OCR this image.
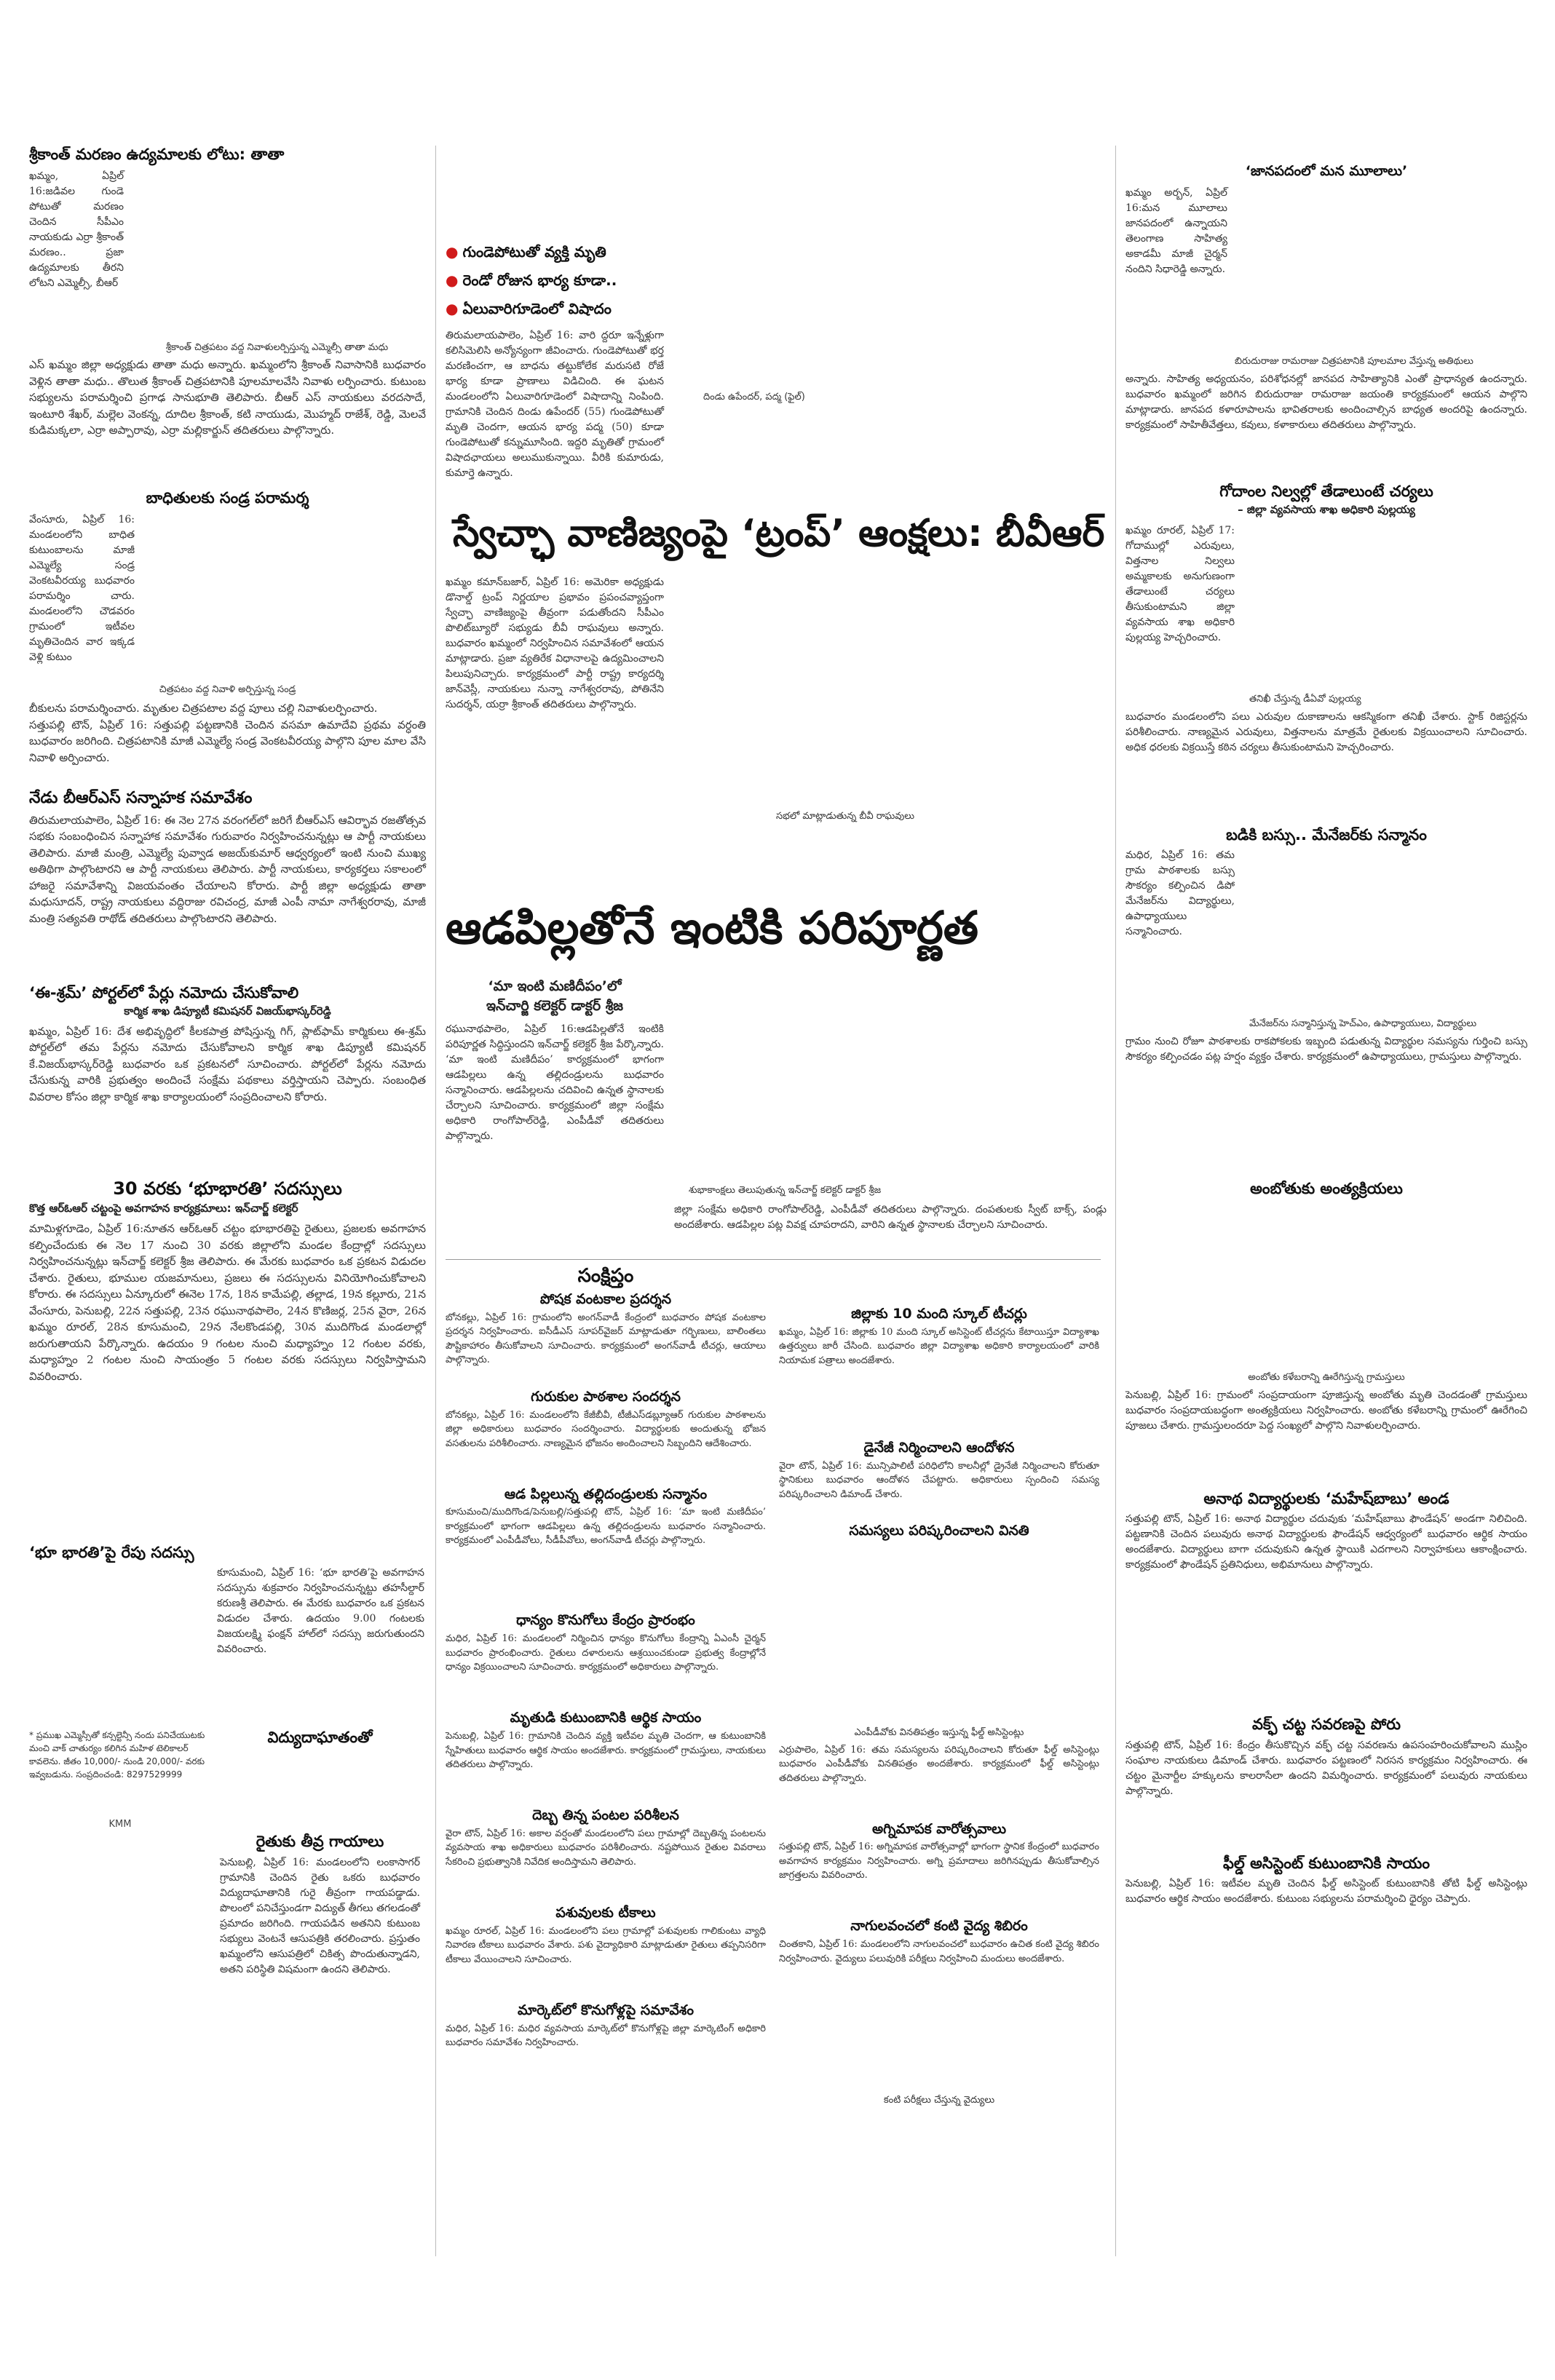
శ్రీకాంత్ మరణం ఉద్యమాలకు లోటు: తాతా
ఖమ్మం, ఏప్రిల్ 16:జడివల గుండె పోటుతో మరణం చెందిన సీపీఎం నాయకుడు ఎర్రా శ్రీకాంత్ మరణం.. ప్రజా ఉద్యమాలకు తీరని లోటని ఎమ్మెల్సీ, బీఆర్
శ్రీకాంత్ చిత్రపటం వద్ద నివాళులర్పిస్తున్న ఎమ్మెల్సీ తాతా మధు
ఎస్ ఖమ్మం జిల్లా అధ్యక్షుడు తాతా మధు అన్నారు. ఖమ్మంలోని శ్రీకాంత్ నివాసానికి బుధవారం వెళ్లిన తాతా మధు.. తొలుత శ్రీకాంత్ చిత్రపటానికి పూలమాలవేసి నివాళు లర్పించారు. కుటుంబ సభ్యులను పరామర్శించి ప్రగాఢ సానుభూతి తెలిపారు. బీఆర్ ఎస్ నాయకులు వరదసాదే, ఇంటూరి శేఖర్, మల్లెల వెంకన్న, దూదిల శ్రీకాంత్, కటి నాయుడు, మొహ్మద్ రాజేశ్, రెడ్డి, మెలవే కుడిమక్కలా, ఎర్రా అప్పారావు, ఎర్రా మల్లికార్జున్ తదితరులు పాల్గొన్నారు.
బాధితులకు సండ్ర పరామర్శ
వేంసూరు, ఏప్రిల్ 16: మండలంలోని బాధిత కుటుంబాలను మాజీ ఎమ్మెల్యే సండ్ర వెంకటవీరయ్య బుధవారం పరామర్శిం చారు. మండలంలోని చౌడవరం గ్రామంలో ఇటీవల మృతిచెందిన వార ఇక్కడ వెళ్లి కుటుం
చిత్రపటం వద్ద నివాళి అర్పిస్తున్న సండ్ర
బీకులను పరామర్శించారు. మృతుల చిత్రపటాల వద్ద పూలు చల్లి నివాళులర్పించారు.
సత్తుపల్లి టౌన్, ఏప్రిల్ 16: సత్తుపల్లి పట్టణానికి చెందిన వసమా ఉమాదేవి ప్రథమ వర్ధంతి బుధవారం జరిగింది. చిత్రపటానికి మాజీ ఎమ్మెల్యే సండ్ర వెంకటవీరయ్య పాల్గొని పూల మాల వేసి నివాళి అర్పించారు.
నేడు బీఆర్ఎస్ సన్నాహక సమావేశం
తిరుమలాయపాలెం, ఏప్రిల్ 16: ఈ నెల 27న వరంగల్‌లో జరిగే బీఆర్ఎస్ ఆవిర్భావ రజతోత్సవ సభకు సంబంధించిన సన్నాహాక సమావేశం గురువారం నిర్వహించనున్నట్లు ఆ పార్టీ నాయకులు తెలిపారు. మాజీ మంత్రి, ఎమ్మెల్యే పువ్వాడ అజయ్‌కుమార్ ఆధ్వర్యంలో ఇంటి నుంచి ముఖ్య అతిథిగా పాల్గొంటారని ఆ పార్టీ నాయకులు తెలిపారు. పార్టీ నాయకులు, కార్యకర్తలు సకాలంలో హాజరై సమావేశాన్ని విజయవంతం చేయాలని కోరారు. పార్టీ జిల్లా అధ్యక్షుడు తాతా మధుసూదన్, రాష్ట్ర నాయకులు వద్దిరాజు రవిచంద్ర, మాజీ ఎంపీ నామా నాగేశ్వరరావు, మాజీ మంత్రి సత్యవతి రాథోడ్ తదితరులు పాల్గొంటారని తెలిపారు.
‘ఈ-శ్రమ్’ పోర్టల్‌లో పేర్లు నమోదు చేసుకోవాలి
కార్మిక శాఖ డిప్యూటీ కమిషనర్ విజయ్‌భాస్కర్‌రెడ్డి
ఖమ్మం, ఏప్రిల్ 16: దేశ అభివృద్ధిలో కీలకపాత్ర పోషిస్తున్న గిగ్, ప్లాట్‌ఫామ్ కార్మికులు ఈ-శ్రమ్ పోర్టల్‌లో తమ పేర్లను నమోదు చేసుకోవాలని కార్మిక శాఖ డిప్యూటీ కమిషనర్ కే.విజయ్‌భాస్కర్‌రెడ్డి బుధవారం ఒక ప్రకటనలో సూచించారు. పోర్టల్‌లో పేర్లను నమోదు చేసుకున్న వారికి ప్రభుత్వం అందించే సంక్షేమ పథకాలు వర్తిస్తాయని చెప్పారు. సంబంధిత వివరాల కోసం జిల్లా కార్మిక శాఖ కార్యాలయంలో సంప్రదించాలని కోరారు.
30 వరకు ‘భూభారతి’ సదస్సులు
కొత్త ఆర్‌ఓఆర్ చట్టంపై అవగాహన కార్యక్రమాలు: ఇన్‌చార్జ్ కలెక్టర్
మామిళ్లగూడెం, ఏప్రిల్ 16:నూతన ఆర్‌ఓఆర్ చట్టం భూభారతిపై రైతులు, ప్రజలకు అవగాహన కల్పించేందుకు ఈ నెల 17 నుంచి 30 వరకు జిల్లాలోని మండల కేంద్రాల్లో సదస్సులు నిర్వహించనున్నట్లు ఇన్‌చార్జ్ కలెక్టర్ శ్రీజ తెలిపారు. ఈ మేరకు బుధవారం ఒక ప్రకటన విడుదల చేశారు. రైతులు, భూముల యజమానులు, ప్రజలు ఈ సదస్సులను వినియోగించుకోవాలని కోరారు. ఈ సదస్సులు ఏన్కూరులో ఈనెల 17న, 18న కామేపల్లి, తల్లాడ, 19న కల్లూరు, 21న వేంసూరు, పెనుబల్లి, 22న సత్తుపల్లి, 23న రఘునాథపాలెం, 24న కొణిజర్ల, 25న వైరా, 26న ఖమ్మం రూరల్, 28న కూసుమంచి, 29న నేలకొండపల్లి, 30న ముదిగొండ మండలాల్లో జరుగుతాయని పేర్కొన్నారు. ఉదయం 9 గంటల నుంచి మధ్యాహ్నం 12 గంటల వరకు, మధ్యాహ్నం 2 గంటల నుంచి సాయంత్రం 5 గంటల వరకు సదస్సులు నిర్వహిస్తామని వివరించారు.
‘భూ భారతి’పై రేపు సదస్సు
కూసుమంచి, ఏప్రిల్ 16: ‘భూ భారతి’పై అవగాహన సదస్సును శుక్రవారం నిర్వహించనున్నట్టు తహసీల్దార్ కరుణశ్రీ తెలిపారు. ఈ మేరకు బుధవారం ఒక ప్రకటన విడుదల చేశారు. ఉదయం 9.00 గంటలకు విజయలక్ష్మి ఫంక్షన్ హాల్‌లో సదస్సు జరుగుతుందని వివరించారు.
* ప్రముఖ ఎమ్మెస్సీతో కన్సల్టెన్సీ నందు పనిచేయుటకు మంచి వాక్ చాతుర్యం కలిగిన మహిళ టెలికాలర్ కావలెను. జీతం 10,000/- నుండి 20,000/- వరకు ఇవ్వబడును. సంప్రదించండి: 8297529999
KMM
విద్యుదాఘాతంతో
రైతుకు తీవ్ర గాయాలు
పెనుబల్లి, ఏప్రిల్ 16: మండలంలోని లంకాసాగర్ గ్రామానికి చెందిన రైతు ఒకరు బుధవారం విద్యుదాఘాతానికి గురై తీవ్రంగా గాయపడ్డాడు. పొలంలో పనిచేస్తుండగా విద్యుత్ తీగలు తగలడంతో ప్రమాదం జరిగింది. గాయపడిన అతనిని కుటుంబ సభ్యులు వెంటనే ఆసుపత్రికి తరలించారు. ప్రస్తుతం ఖమ్మంలోని ఆసుపత్రిలో చికిత్స పొందుతున్నాడని, అతని పరిస్థితి విషమంగా ఉందని తెలిపారు.
● గుండెపోటుతో వ్యక్తి మృతి
● రెండో రోజున భార్య కూడా..
● ఏలువారిగూడెంలో విషాదం
తిరుమలాయపాలెం, ఏప్రిల్ 16: వారి ద్దరూ ఇన్నేళ్లుగా కలిసిమెలిసి అన్యోన్యంగా జీవించారు. గుండెపోటుతో భర్త మరణించగా, ఆ బాధను తట్టుకోలేక మరుసటి రోజే భార్య కూడా ప్రాణాలు విడిచింది. ఈ ఘటన మండలంలోని ఏలువారిగూడెంలో విషాదాన్ని నింపింది. గ్రామానికి చెందిన దిండు ఉపేందర్ (55) గుండెపోటుతో మృతి చెందగా, ఆయన భార్య పద్మ (50) కూడా గుండెపోటుతో కన్నుమూసింది. ఇద్దరి మృతితో గ్రామంలో విషాదఛాయలు అలుముకున్నాయి. వీరికి కుమారుడు, కుమార్తె ఉన్నారు.

దిండు ఉపేందర్, పద్మ (ఫైల్)
స్వేచ్ఛా వాణిజ్యంపై ‘ట్రంప్’ ఆంక్షలు: బీవీఆర్
ఖమ్మం కమాన్‌బజార్, ఏప్రిల్ 16: అమెరికా అధ్యక్షుడు డొనాల్డ్ ట్రంప్ నిర్ణయాల ప్రభావం ప్రపంచవ్యాప్తంగా స్వేచ్ఛా వాణిజ్యంపై తీవ్రంగా పడుతోందని సీపీఎం పొలిట్‌బ్యూరో సభ్యుడు బీవీ రాఘవులు అన్నారు. బుధవారం ఖమ్మంలో నిర్వహించిన సమావేశంలో ఆయన మాట్లాడారు. ప్రజా వ్యతిరేక విధానాలపై ఉద్యమించాలని పిలుపునిచ్చారు. కార్యక్రమంలో పార్టీ రాష్ట్ర కార్యదర్శి జాన్‌వెస్లీ, నాయకులు నున్నా నాగేశ్వరరావు, పోతినేని సుదర్శన్, యర్రా శ్రీకాంత్ తదితరులు పాల్గొన్నారు.
సభలో మాట్లాడుతున్న బీవీ రాఘవులు
ఆడపిల్లతోనే ఇంటికి పరిపూర్ణత
‘మా ఇంటి మణిదీపం’లో
ఇన్‌చార్జి కలెక్టర్ డాక్టర్ శ్రీజ
రఘునాథపాలెం, ఏప్రిల్ 16:ఆడపిల్లతోనే ఇంటికి పరిపూర్ణత సిద్ధిస్తుందని ఇన్‌చార్జ్ కలెక్టర్ శ్రీజ పేర్కొన్నారు. ‘మా ఇంటి మణిదీపం’ కార్యక్రమంలో భాగంగా ఆడపిల్లలు ఉన్న తల్లిదండ్రులను బుధవారం సన్మానించారు. ఆడపిల్లలను చదివించి ఉన్నత స్థానాలకు చేర్చాలని సూచించారు. కార్యక్రమంలో జిల్లా సంక్షేమ అధికారి రాంగోపాల్‌రెడ్డి, ఎంపీడీవో తదితరులు పాల్గొన్నారు.
శుభాకాంక్షలు తెలుపుతున్న ఇన్‌చార్జ్ కలెక్టర్ డాక్టర్ శ్రీజ
జిల్లా సంక్షేమ అధికారి రాంగోపాల్‌రెడ్డి, ఎంపీడీవో తదితరులు పాల్గొన్నారు. దంపతులకు స్వీట్ బాక్స్, పండ్లు అందజేశారు. ఆడపిల్లల పట్ల వివక్ష చూపరాదని, వారిని ఉన్నత స్థానాలకు చేర్చాలని సూచించారు.
సంక్షిప్తం
పోషక వంటకాల ప్రదర్శన
బోనకల్లు, ఏప్రిల్ 16: గ్రామంలోని అంగన్‌వాడీ కేంద్రంలో బుధవారం పోషక వంటకాల ప్రదర్శన నిర్వహించారు. ఐసీడీఎస్ సూపర్‌వైజర్ మాట్లాడుతూ గర్భిణులు, బాలింతలు పౌష్టికాహారం తీసుకోవాలని సూచించారు. కార్యక్రమంలో అంగన్‌వాడీ టీచర్లు, ఆయాలు పాల్గొన్నారు.
గురుకుల పాఠశాల సందర్శన
బోనకల్లు, ఏప్రిల్ 16: మండలంలోని కేజీబీవీ, టీజీఎస్‌డబ్ల్యూఆర్ గురుకుల పాఠశాలను జిల్లా అధికారులు బుధవారం సందర్శించారు. విద్యార్థులకు అందుతున్న భోజన వసతులను పరిశీలించారు. నాణ్యమైన భోజనం అందించాలని సిబ్బందిని ఆదేశించారు.
ఆడ పిల్లలున్న తల్లిదండ్రులకు సన్మానం
కూసుమంచి/ముదిగొండ/పెనుబల్లి/సత్తుపల్లి టౌన్, ఏప్రిల్ 16: ‘మా ఇంటి మణిదీపం’ కార్యక్రమంలో భాగంగా ఆడపిల్లలు ఉన్న తల్లిదండ్రులను బుధవారం సన్మానించారు. కార్యక్రమంలో ఎంపీడీవోలు, సీడీపీవోలు, అంగన్‌వాడీ టీచర్లు పాల్గొన్నారు.
ధాన్యం కొనుగోలు కేంద్రం ప్రారంభం
మధిర, ఏప్రిల్ 16: మండలంలో నిర్మించిన ధాన్యం కొనుగోలు కేంద్రాన్ని ఏఎంసీ చైర్మన్ బుధవారం ప్రారంభించారు. రైతులు దళారులను ఆశ్రయించకుండా ప్రభుత్వ కేంద్రాల్లోనే ధాన్యం విక్రయించాలని సూచించారు. కార్యక్రమంలో అధికారులు పాల్గొన్నారు.
మృతుడి కుటుంబానికి ఆర్థిక సాయం
పెనుబల్లి, ఏప్రిల్ 16: గ్రామానికి చెందిన వ్యక్తి ఇటీవల మృతి చెందగా, ఆ కుటుంబానికి స్నేహితులు బుధవారం ఆర్థిక సాయం అందజేశారు. కార్యక్రమంలో గ్రామస్తులు, నాయకులు తదితరులు పాల్గొన్నారు.
దెబ్బ తిన్న పంటల పరిశీలన
వైరా టౌన్, ఏప్రిల్ 16: అకాల వర్షంతో మండలంలోని పలు గ్రామాల్లో దెబ్బతిన్న పంటలను వ్యవసాయ శాఖ అధికారులు బుధవారం పరిశీలించారు. నష్టపోయిన రైతుల వివరాలు సేకరించి ప్రభుత్వానికి నివేదిక అందిస్తామని తెలిపారు.
పశువులకు టీకాలు
ఖమ్మం రూరల్, ఏప్రిల్ 16: మండలంలోని పలు గ్రామాల్లో పశువులకు గాలికుంటు వ్యాధి నివారణ టీకాలు బుధవారం వేశారు. పశు వైద్యాధికారి మాట్లాడుతూ రైతులు తప్పనిసరిగా టీకాలు వేయించాలని సూచించారు.
మార్కెట్‌లో కొనుగోళ్లపై సమావేశం
మధిర, ఏప్రిల్ 16: మధిర వ్యవసాయ మార్కెట్‌లో కొనుగోళ్లపై జిల్లా మార్కెటింగ్ అధికారి బుధవారం సమావేశం నిర్వహించారు.
జిల్లాకు 10 మంది స్కూల్ టీచర్లు
ఖమ్మం, ఏప్రిల్ 16: జిల్లాకు 10 మంది స్కూల్ అసిస్టెంట్ టీచర్లను కేటాయిస్తూ విద్యాశాఖ ఉత్తర్వులు జారీ చేసింది. బుధవారం జిల్లా విద్యాశాఖ అధికారి కార్యాలయంలో వారికి నియామక పత్రాలు అందజేశారు.
డైనేజీ నిర్మించాలని ఆందోళన
వైరా టౌన్, ఏప్రిల్ 16: మున్సిపాలిటీ పరిధిలోని కాలనీల్లో డ్రైనేజీ నిర్మించాలని కోరుతూ స్థానికులు బుధవారం ఆందోళన చేపట్టారు. అధికారులు స్పందించి సమస్య పరిష్కరించాలని డిమాండ్ చేశారు.
సమస్యలు పరిష్కరించాలని వినతి
ఎంపీడీవోకు వినతిపత్రం ఇస్తున్న ఫీల్డ్ అసిస్టెంట్లు
ఎర్రుపాలెం, ఏప్రిల్ 16: తమ సమస్యలను పరిష్కరించాలని కోరుతూ ఫీల్డ్ అసిస్టెంట్లు బుధవారం ఎంపీడీవోకు వినతిపత్రం అందజేశారు. కార్యక్రమంలో ఫీల్డ్ అసిస్టెంట్లు తదితరులు పాల్గొన్నారు.
అగ్నిమాపక వారోత్సవాలు
సత్తుపల్లి టౌన్, ఏప్రిల్ 16: అగ్నిమాపక వారోత్సవాల్లో భాగంగా స్థానిక కేంద్రంలో బుధవారం అవగాహన కార్యక్రమం నిర్వహించారు. అగ్ని ప్రమాదాలు జరిగినప్పుడు తీసుకోవాల్సిన జాగ్రత్తలను వివరించారు.
నాగులవంచలో కంటి వైద్య శిబిరం
చింతకాని, ఏప్రిల్ 16: మండలంలోని నాగులవంచలో బుధవారం ఉచిత కంటి వైద్య శిబిరం నిర్వహించారు. వైద్యులు పలువురికి పరీక్షలు నిర్వహించి మందులు అందజేశారు.
కంటి పరీక్షలు చేస్తున్న వైద్యులు
‘జానపదంలో మన మూలాలు’
ఖమ్మం అర్బన్, ఏప్రిల్ 16:మన మూలాలు జానపదంలో ఉన్నాయని తెలంగాణ సాహిత్య అకాడమీ మాజీ చైర్మన్ నందిని సిధారెడ్డి అన్నారు.
బిరుదురాజు రామరాజు చిత్రపటానికి పూలమాల వేస్తున్న అతిథులు
అన్నారు. సాహిత్య అధ్యయనం, పరిశోధనల్లో జానపద సాహిత్యానికి ఎంతో ప్రాధాన్యత ఉందన్నారు. బుధవారం ఖమ్మంలో జరిగిన బిరుదురాజు రామరాజు జయంతి కార్యక్రమంలో ఆయన పాల్గొని మాట్లాడారు. జానపద కళారూపాలను భావితరాలకు అందించాల్సిన బాధ్యత అందరిపై ఉందన్నారు. కార్యక్రమంలో సాహితీవేత్తలు, కవులు, కళాకారులు తదితరులు పాల్గొన్నారు.
గోదాంల నిల్వల్లో తేడాలుంటే చర్యలు
– జిల్లా వ్యవసాయ శాఖ అధికారి పుల్లయ్య
ఖమ్మం రూరల్, ఏప్రిల్ 17: గోదాముల్లో ఎరువులు, విత్తనాల నిల్వలు అమ్మకాలకు అనుగుణంగా తేడాలుంటే చర్యలు తీసుకుంటామని జిల్లా వ్యవసాయ శాఖ అధికారి పుల్లయ్య హెచ్చరించారు.
తనిఖీ చేస్తున్న డీఏవో పుల్లయ్య
బుధవారం మండలంలోని పలు ఎరువుల దుకాణాలను ఆకస్మికంగా తనిఖీ చేశారు. స్టాక్ రిజిస్టర్లను పరిశీలించారు. నాణ్యమైన ఎరువులు, విత్తనాలను మాత్రమే రైతులకు విక్రయించాలని సూచించారు. అధిక ధరలకు విక్రయిస్తే కఠిన చర్యలు తీసుకుంటామని హెచ్చరించారు.
బడికి బస్సు.. మేనేజర్‌కు సన్మానం
మధిర, ఏప్రిల్ 16: తమ గ్రామ పాఠశాలకు బస్సు సౌకర్యం కల్పించిన డిపో మేనేజర్‌ను విద్యార్థులు, ఉపాధ్యాయులు సన్మానించారు.
మేనేజర్‌ను సన్మానిస్తున్న హెచ్‌ఎం, ఉపాధ్యాయులు, విద్యార్థులు
గ్రామం నుంచి రోజూ పాఠశాలకు రాకపోకలకు ఇబ్బంది పడుతున్న విద్యార్థుల సమస్యను గుర్తించి బస్సు సౌకర్యం కల్పించడం పట్ల హర్షం వ్యక్తం చేశారు. కార్యక్రమంలో ఉపాధ్యాయులు, గ్రామస్తులు పాల్గొన్నారు.
అంబోతుకు అంత్యక్రియలు
అంబోతు కళేబరాన్ని ఊరేగిస్తున్న గ్రామస్తులు
పెనుబల్లి, ఏప్రిల్ 16: గ్రామంలో సంప్రదాయంగా పూజిస్తున్న అంబోతు మృతి చెందడంతో గ్రామస్తులు బుధవారం సంప్రదాయబద్ధంగా అంత్యక్రియలు నిర్వహించారు. అంబోతు కళేబరాన్ని గ్రామంలో ఊరేగించి పూజలు చేశారు. గ్రామస్తులందరూ పెద్ద సంఖ్యలో పాల్గొని నివాళులర్పించారు.
అనాథ విద్యార్థులకు ‘మహేష్‌బాబు’ అండ
సత్తుపల్లి టౌన్, ఏప్రిల్ 16: అనాథ విద్యార్థుల చదువుకు ‘మహేష్‌బాబు ఫౌండేషన్’ అండగా నిలిచింది. పట్టణానికి చెందిన పలువురు అనాథ విద్యార్థులకు ఫౌండేషన్ ఆధ్వర్యంలో బుధవారం ఆర్థిక సాయం అందజేశారు. విద్యార్థులు బాగా చదువుకుని ఉన్నత స్థాయికి ఎదగాలని నిర్వాహకులు ఆకాంక్షించారు. కార్యక్రమంలో ఫౌండేషన్ ప్రతినిధులు, అభిమానులు పాల్గొన్నారు.
వక్ఫ్ చట్ట సవరణపై పోరు
సత్తుపల్లి టౌన్, ఏప్రిల్ 16: కేంద్రం తీసుకొచ్చిన వక్ఫ్ చట్ట సవరణను ఉపసంహరించుకోవాలని ముస్లిం సంఘాల నాయకులు డిమాండ్ చేశారు. బుధవారం పట్టణంలో నిరసన కార్యక్రమం నిర్వహించారు. ఈ చట్టం మైనార్టీల హక్కులను కాలరాసేలా ఉందని విమర్శించారు. కార్యక్రమంలో పలువురు నాయకులు పాల్గొన్నారు.
ఫీల్డ్ అసిస్టెంట్ కుటుంబానికి సాయం
పెనుబల్లి, ఏప్రిల్ 16: ఇటీవల మృతి చెందిన ఫీల్డ్ అసిస్టెంట్ కుటుంబానికి తోటి ఫీల్డ్ అసిస్టెంట్లు బుధవారం ఆర్థిక సాయం అందజేశారు. కుటుంబ సభ్యులను పరామర్శించి ధైర్యం చెప్పారు.
